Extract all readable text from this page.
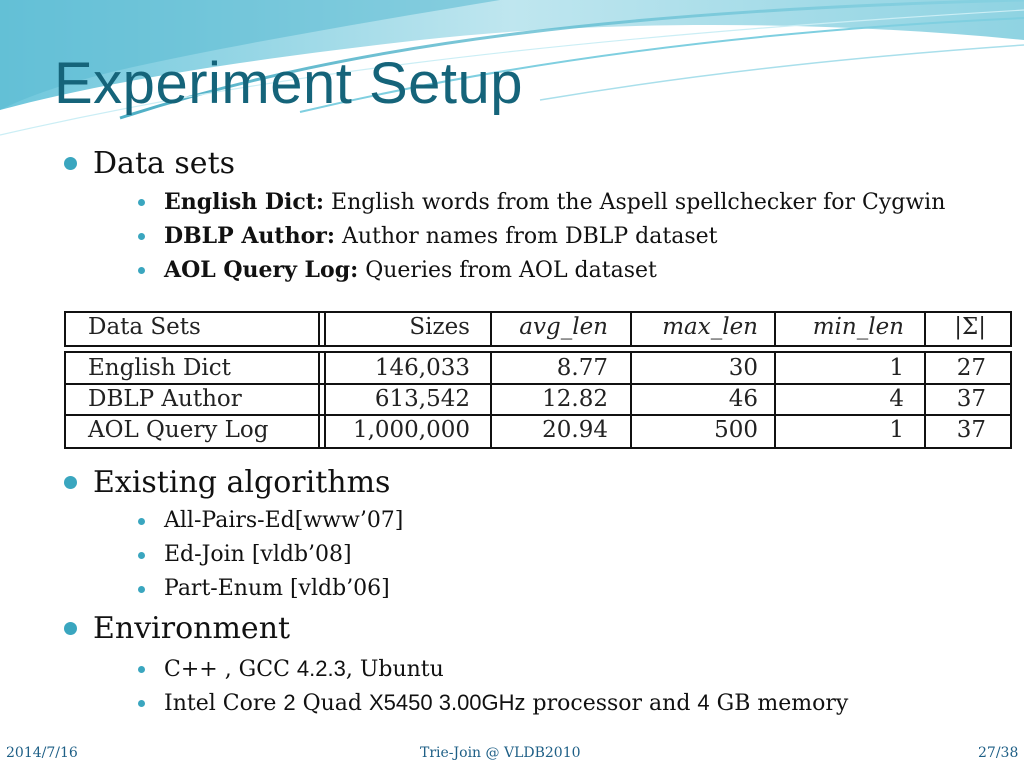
Experiment Setup
Data sets
English Dict: English words from the Aspell spellchecker for Cygwin
DBLP Author: Author names from DBLP dataset
AOL Query Log: Queries from AOL dataset
Data Sets	Sizes	avg_len	max_len	min_len	|Σ|
English Dict	146,033	8.77	30	1	27
DBLP Author	613,542	12.82	46	4	37
AOL Query Log	1,000,000	20.94	500	1	37
Existing algorithms
All-Pairs-Ed[www’07]
Ed-Join [vldb’08]
Part-Enum [vldb’06]
Environment
C++ , GCC 4.2.3, Ubuntu
Intel Core 2 Quad X5450 3.00GHz processor and 4 GB memory
2014/7/16	Trie-Join @ VLDB2010	27/38
